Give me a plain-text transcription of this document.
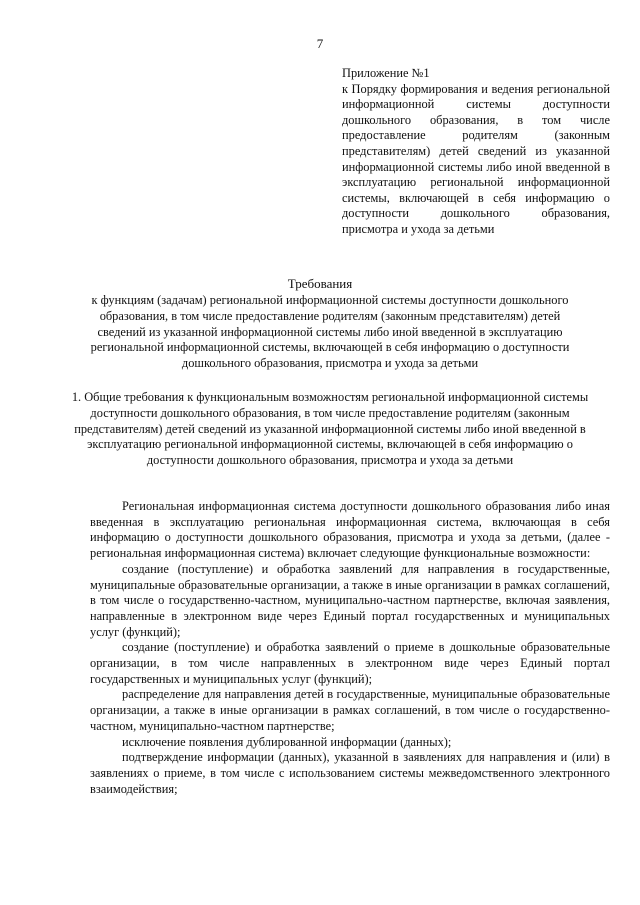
7
Приложение №1
к Порядку формирования и ведения региональной информационной системы доступности дошкольного образования, в том числе предоставление родителям (законным представителям) детей сведений из указанной информационной системы либо иной введенной в эксплуатацию региональной информационной системы, включающей в себя информацию о доступности дошкольного образования, присмотра и ухода за детьми
Требования
к функциям (задачам) региональной информационной системы доступности дошкольного образования, в том числе предоставление родителям (законным представителям) детей сведений из указанной информационной системы либо иной введенной в эксплуатацию региональной информационной системы, включающей в себя информацию о доступности дошкольного образования, присмотра и ухода за детьми
1. Общие требования к функциональным возможностям региональной информационной системы доступности дошкольного образования, в том числе предоставление родителям (законным представителям) детей сведений из указанной информационной системы либо иной введенной в эксплуатацию региональной информационной системы, включающей в себя информацию о доступности дошкольного образования, присмотра и ухода за детьми

Региональная информационная система доступности дошкольного образования либо иная введенная в эксплуатацию региональная информационная система, включающая в себя информацию о доступности дошкольного образования, присмотра и ухода за детьми, (далее - региональная информационная система) включает следующие функциональные возможности:

создание (поступление) и обработка заявлений для направления в государственные, муниципальные образовательные организации, а также в иные организации в рамках соглашений, в том числе о государственно-частном, муниципально-частном партнерстве, включая заявления, направленные в электронном виде через Единый портал государственных и муниципальных услуг (функций);

создание (поступление) и обработка заявлений о приеме в дошкольные образовательные организации, в том числе направленных в электронном виде через Единый портал государственных и муниципальных услуг (функций);

распределение для направления детей в государственные, муниципальные образовательные организации, а также в иные организации в рамках соглашений, в том числе о государственно-частном, муниципально-частном партнерстве;

исключение появления дублированной информации (данных);

подтверждение информации (данных), указанной в заявлениях для направления и (или) в заявлениях о приеме, в том числе с использованием системы межведомственного электронного взаимодействия;
